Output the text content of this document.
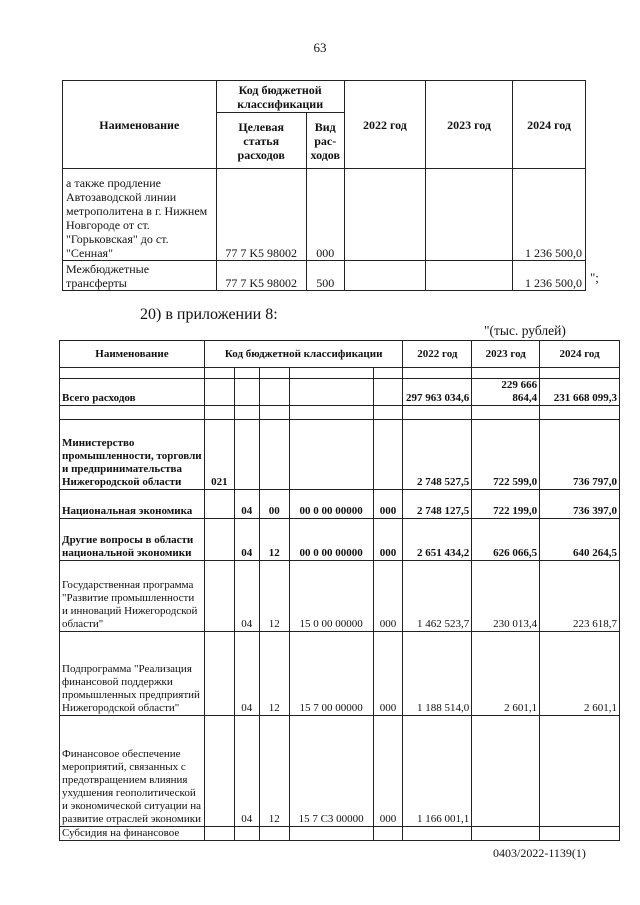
63
Наименование	Код бюджетной классификации		2022 год	2023 год	2024 год
	Целевая статья расходов	Вид рас-ходов			
а также продление Автозаводской линии метрополитена в г. Нижнем Новгороде от ст. "Горьковская" до ст. "Сенная"	77 7 K5 98002	000			1 236 500,0
Межбюджетные трансферты	77 7 K5 98002	500			1 236 500,0 ";
20) в приложении 8:
"(тыс. рублей)
Наименование	Код бюджетной классификации					2022 год	2023 год	2024 год

Всего расходов						297 963 034,6	229 666 864,4	231 668 099,3

Министерство промышленности, торговли и предпринимательства Нижегородской области	021					2 748 527,5	722 599,0	736 797,0
Национальная экономика		04	00	00 0 00 00000	000	2 748 127,5	722 199,0	736 397,0
Другие вопросы в области национальной экономики		04	12	00 0 00 00000	000	2 651 434,2	626 066,5	640 264,5
Государственная программа "Развитие промышленности и инноваций Нижегородской области"		04	12	15 0 00 00000	000	1 462 523,7	230 013,4	223 618,7
Подпрограмма "Реализация финансовой поддержки промышленных предприятий Нижегородской области"		04	12	15 7 00 00000	000	1 188 514,0	2 601,1	2 601,1
Финансовое обеспечение мероприятий, связанных с предотвращением влияния ухудшения геополитической и экономической ситуации на развитие отраслей экономики		04	12	15 7 C3 00000	000	1 166 001,1		
Субсидия на финансовое								
0403/2022-1139(1)
